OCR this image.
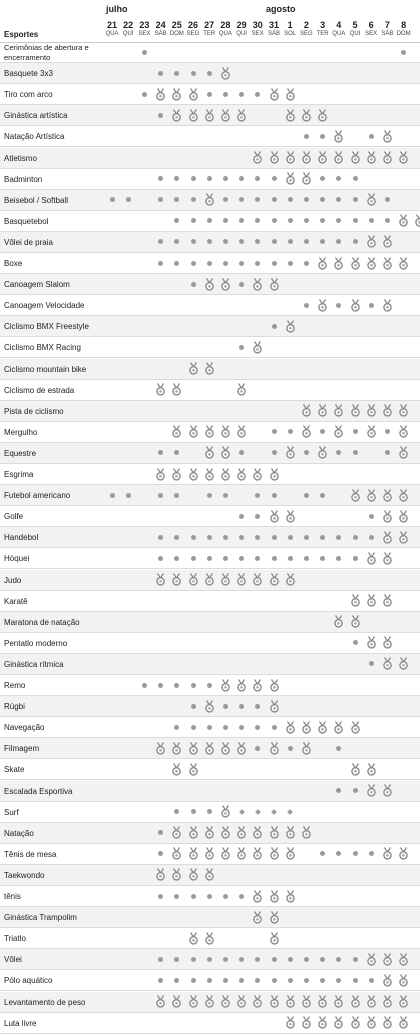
julho	agosto
Esportes
21
QUA
22
QUI
23
SEX
24
SÁB
25
DOM
26
SEG
27
TER
28
QUA
29
QUI
30
SEX
31
SÁB
1
SOL
2
SEG
3
TER
4
QUA
5
QUI
6
SEX
7
SÁB
8
DOM
Cerimônias de abertura e encerramento
Basquete 3x3
Tiro com arco
Ginástica artística
Natação Artística
Atletismo
Badminton
Beisebol / Softball
Basquetebol
Vôlei de praia
Boxe
Canoagem Slalom
Canoagem Velocidade
Ciclismo BMX Freestyle
Ciclismo BMX Racing
Ciclismo mountain bike
Ciclismo de estrada
Pista de ciclismo
Mergulho
Equestre
Esgrima
Futebol americano
Golfe
Handebol
Hóquei
Judo
Karatê
Maratona de natação
Pentatlo moderno
Ginástica rítmica
Remo
Rúgbi
Navegação
Filmagem
Skate
Escalada Esportiva
Surf
Natação
Tênis de mesa
Taekwondo
tênis
Ginástica Trampolim
Triatlo
Vôlei
Pólo aquático
Levantamento de peso
Luta livre
